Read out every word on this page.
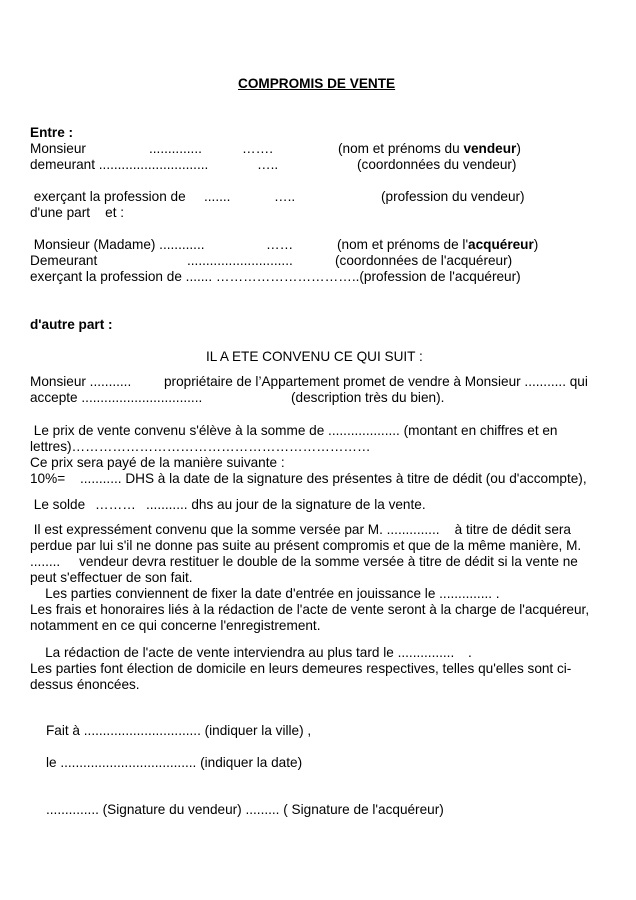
COMPROMIS DE VENTE
Entre :
Monsieur	..............	…….	(nom et prénoms du vendeur)
demeurant .............................	…..	(coordonnées du vendeur)
exerçant la profession de .......	…..	(profession du vendeur)
d'une part    et :
Monsieur (Madame) ............	……	(nom et prénoms de l'acquéreur)
Demeurant	............................	(coordonnées de l'acquéreur)
exerçant la profession de ....... …………………………..(profession de l'acquéreur)
d'autre part :
IL A ETE CONVENU CE QUI SUIT :
Monsieur ........... propriétaire de l’Appartement promet de vendre à Monsieur ........... qui
accepte ................................	(description très du bien).
Le prix de vente convenu s'élève à la somme de ................... (montant en chiffres et en
lettres)…………………………………………………………
Ce prix sera payé de la manière suivante :
10%= ........... DHS à la date de la signature des présentes à titre de dédit (ou d'accompte),
Le solde ……… ........... dhs au jour de la signature de la vente.
Il est expressément convenu que la somme versée par M. ..............    à titre de dédit sera
perdue par lui s'il ne donne pas suite au présent compromis et que de la même manière, M.
........     vendeur devra restituer le double de la somme versée à titre de dédit si la vente ne
peut s'effectuer de son fait.
Les parties conviennent de fixer la date d'entrée en jouissance le .............. .
Les frais et honoraires liés à la rédaction de l'acte de vente seront à la charge de l'acquéreur,
notamment en ce qui concerne l'enregistrement.
La rédaction de l'acte de vente interviendra au plus tard le ............... .
Les parties font élection de domicile en leurs demeures respectives, telles qu'elles sont ci-
dessus énoncées.
Fait à ............................... (indiquer la ville) ,
le .................................... (indiquer la date)
.............. (Signature du vendeur) ......... ( Signature de l'acquéreur)
